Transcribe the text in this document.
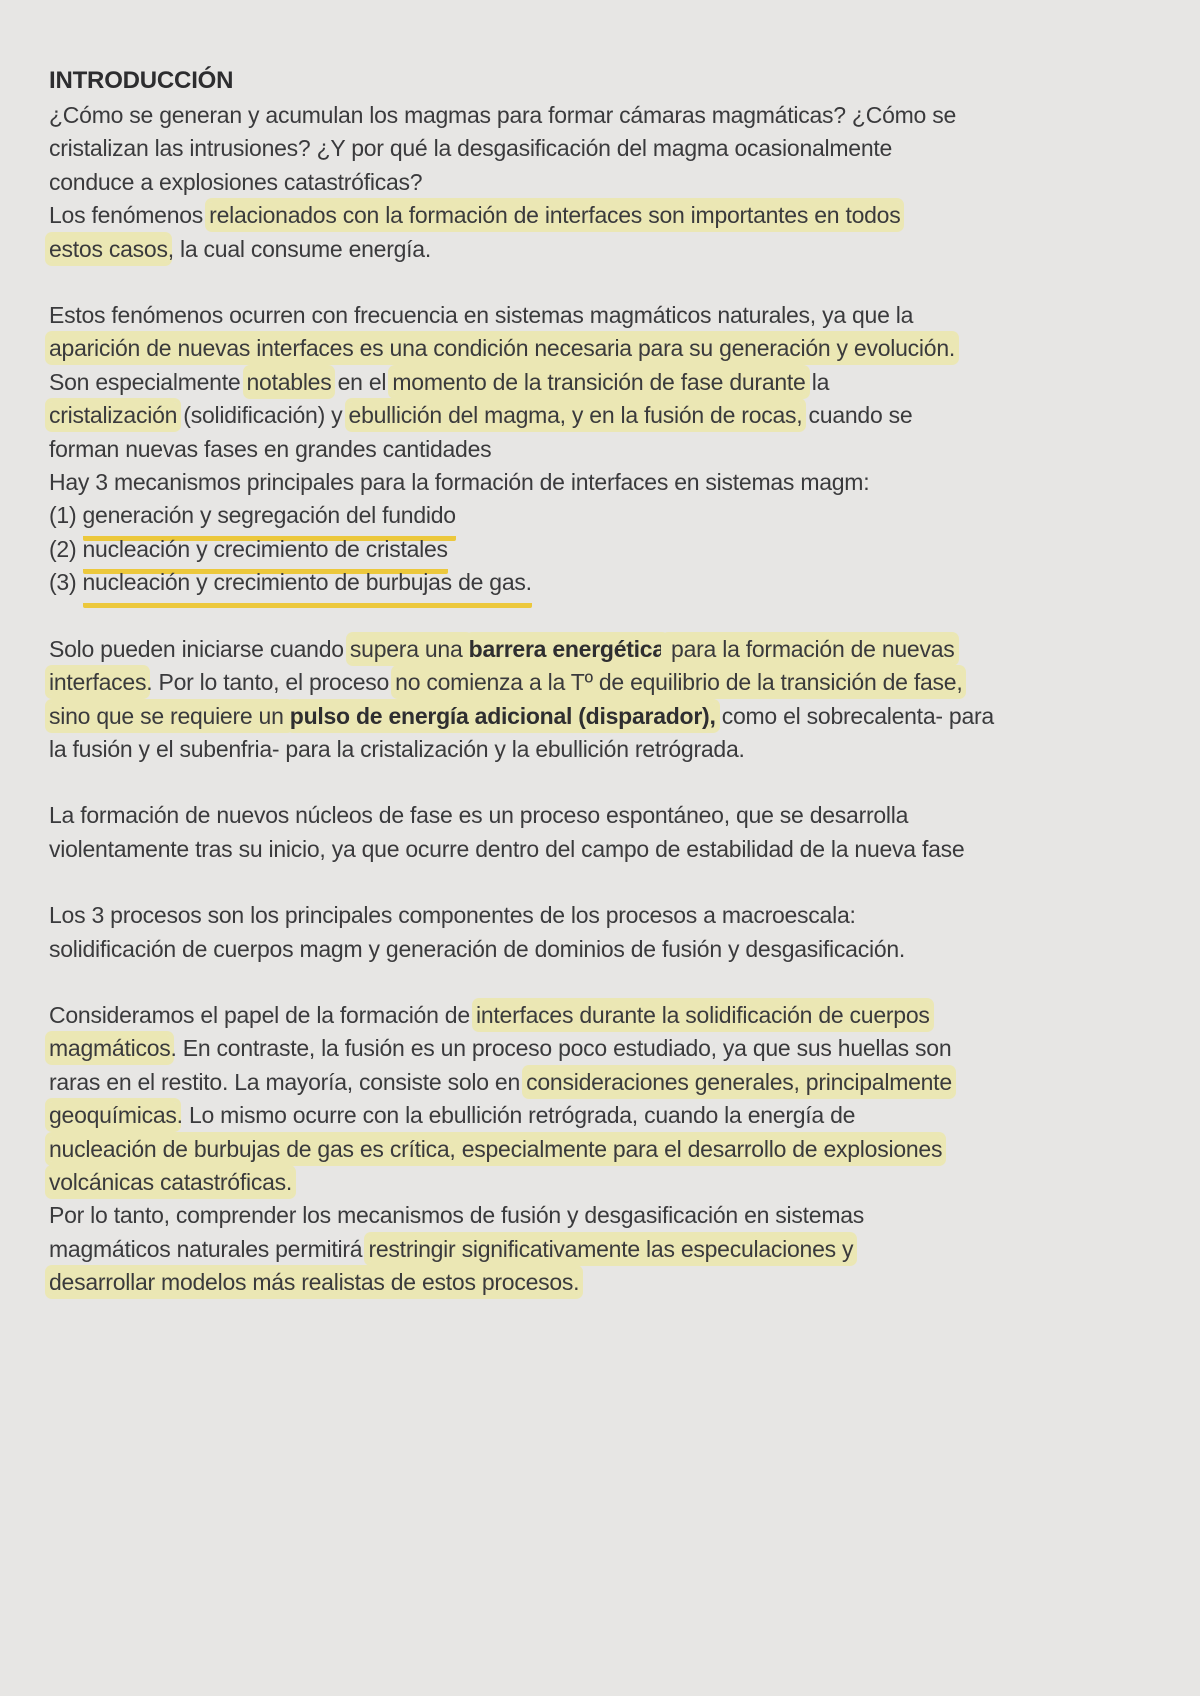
INTRODUCCIÓN
¿Cómo se generan y acumulan los magmas para formar cámaras magmáticas? ¿Cómo se
cristalizan las intrusiones? ¿Y por qué la desgasificación del magma ocasionalmente
conduce a explosiones catastróficas?
Los fenómenos relacionados con la formación de interfaces son importantes en todos
estos casos, la cual consume energía.
Estos fenómenos ocurren con frecuencia en sistemas magmáticos naturales, ya que la
aparición de nuevas interfaces es una condición necesaria para su generación y evolución.
Son especialmente notables en el momento de la transición de fase durante la
cristalización (solidificación) y ebullición del magma, y en la fusión de rocas, cuando se
forman nuevas fases en grandes cantidades
Hay 3 mecanismos principales para la formación de interfaces en sistemas magm:
(1) generación y segregación del fundido
(2) nucleación y crecimiento de cristales
(3) nucleación y crecimiento de burbujas de gas.
Solo pueden iniciarse cuando supera una barrera energética para la formación de nuevas
interfaces. Por lo tanto, el proceso no comienza a la Tº de equilibrio de la transición de fase,
sino que se requiere un pulso de energía adicional (disparador), como el sobrecalenta- para
la fusión y el subenfria- para la cristalización y la ebullición retrógrada.
La formación de nuevos núcleos de fase es un proceso espontáneo, que se desarrolla
violentamente tras su inicio, ya que ocurre dentro del campo de estabilidad de la nueva fase
Los 3 procesos son los principales componentes de los procesos a macroescala:
solidificación de cuerpos magm y generación de dominios de fusión y desgasificación.
Consideramos el papel de la formación de interfaces durante la solidificación de cuerpos
magmáticos. En contraste, la fusión es un proceso poco estudiado, ya que sus huellas son
raras en el restito. La mayoría, consiste solo en consideraciones generales, principalmente
geoquímicas. Lo mismo ocurre con la ebullición retrógrada, cuando la energía de
nucleación de burbujas de gas es crítica, especialmente para el desarrollo de explosiones
volcánicas catastróficas.
Por lo tanto, comprender los mecanismos de fusión y desgasificación en sistemas
magmáticos naturales permitirá restringir significativamente las especulaciones y
desarrollar modelos más realistas de estos procesos.
